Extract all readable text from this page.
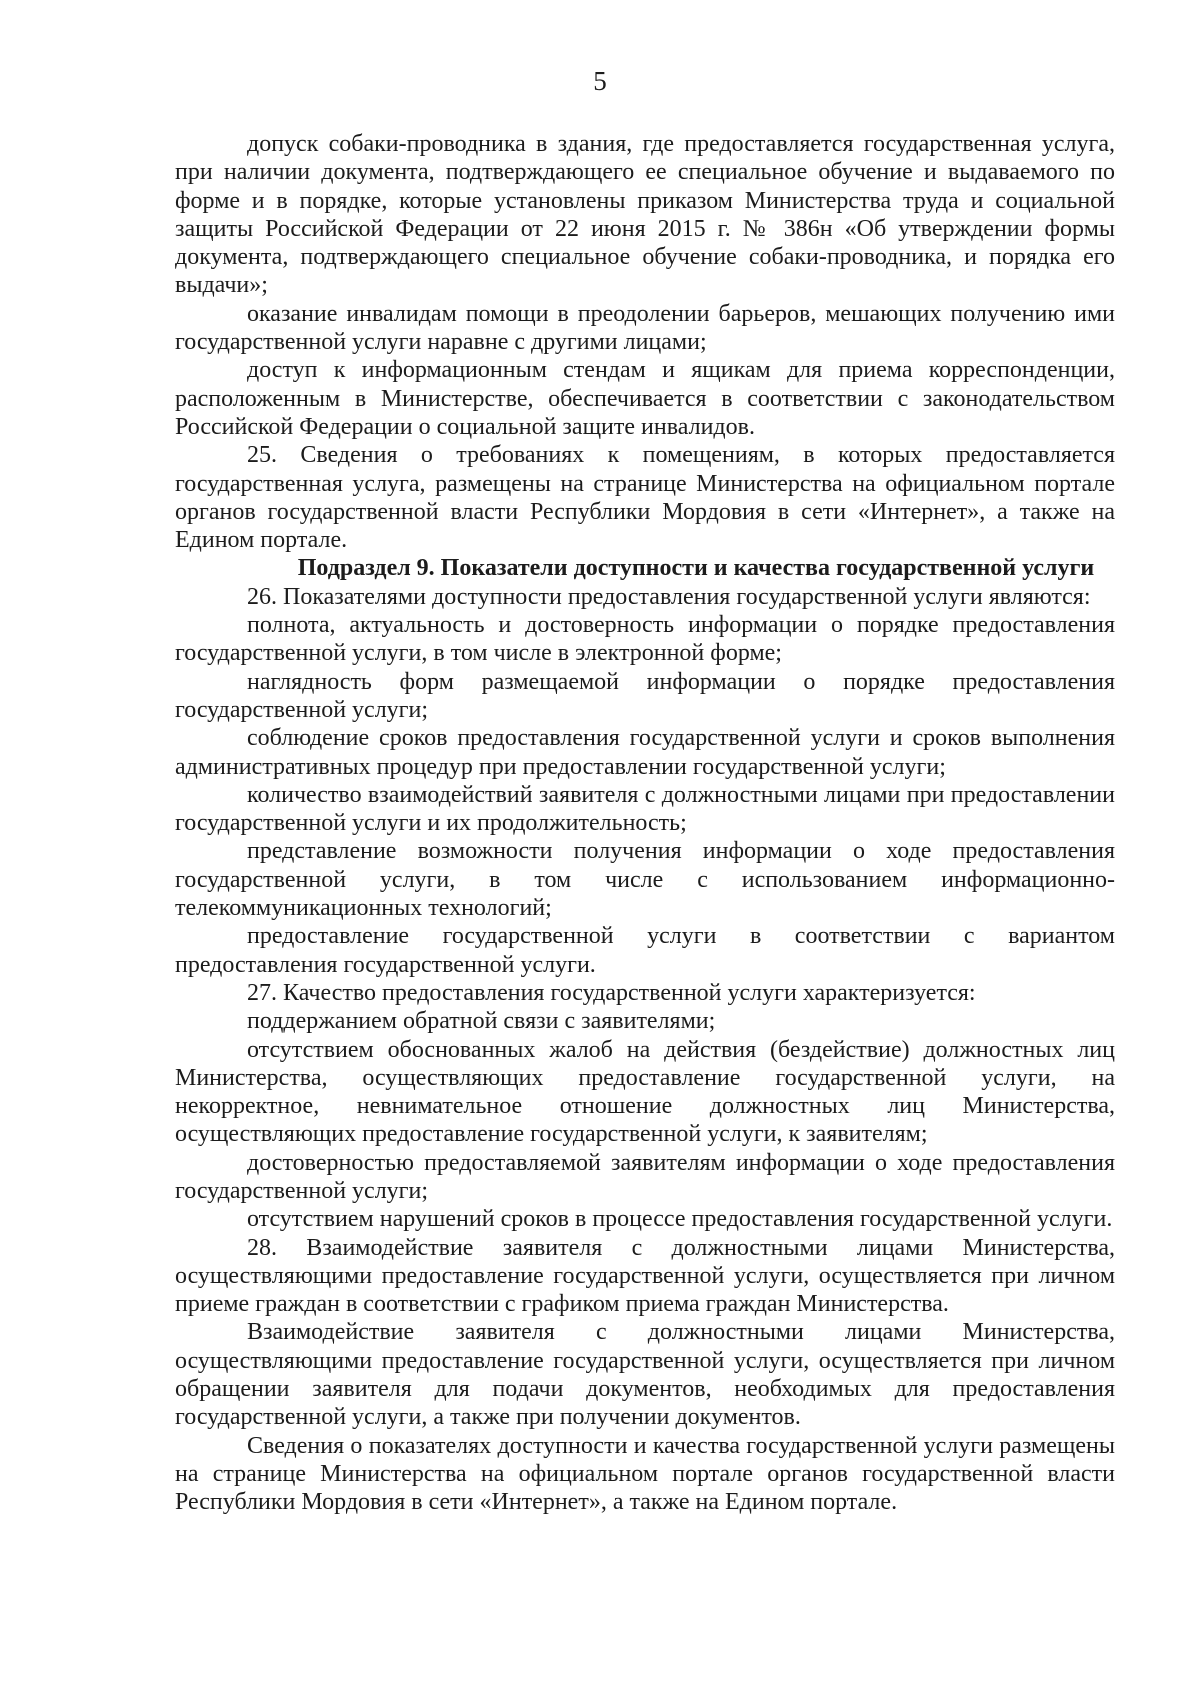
5

допуск собаки-проводника в здания, где предоставляется государственная услуга, при наличии документа, подтверждающего ее специальное обучение и выдаваемого по форме и в порядке, которые установлены приказом Министерства труда и социальной защиты Российской Федерации от 22 июня 2015 г. № 386н «Об утверждении формы документа, подтверждающего специальное обучение собаки-проводника, и порядка его выдачи»;

оказание инвалидам помощи в преодолении барьеров, мешающих получению ими государственной услуги наравне с другими лицами;

доступ к информационным стендам и ящикам для приема корреспонденции, расположенным в Министерстве, обеспечивается в соответствии с законодательством Российской Федерации о социальной защите инвалидов.

25. Сведения о требованиях к помещениям, в которых предоставляется государственная услуга, размещены на странице Министерства на официальном портале органов государственной власти Республики Мордовия в сети «Интернет», а также на Едином портале.

Подраздел 9. Показатели доступности и качества государственной услуги

26. Показателями доступности предоставления государственной услуги являются:

полнота, актуальность и достоверность информации о порядке предоставления государственной услуги, в том числе в электронной форме;

наглядность форм размещаемой информации о порядке предоставления государственной услуги;

соблюдение сроков предоставления государственной услуги и сроков выполнения административных процедур при предоставлении государственной услуги;

количество взаимодействий заявителя с должностными лицами при предоставлении государственной услуги и их продолжительность;

представление возможности получения информации о ходе предоставления государственной услуги, в том числе с использованием информационно-телекоммуникационных технологий;

предоставление государственной услуги в соответствии с вариантом предоставления государственной услуги.

27. Качество предоставления государственной услуги характеризуется:

поддержанием обратной связи с заявителями;

отсутствием обоснованных жалоб на действия (бездействие) должностных лиц Министерства, осуществляющих предоставление государственной услуги, на некорректное, невнимательное отношение должностных лиц Министерства, осуществляющих предоставление государственной услуги, к заявителям;

достоверностью предоставляемой заявителям информации о ходе предоставления государственной услуги;

отсутствием нарушений сроков в процессе предоставления государственной услуги.

28. Взаимодействие заявителя с должностными лицами Министерства, осуществляющими предоставление государственной услуги, осуществляется при личном приеме граждан в соответствии с графиком приема граждан Министерства.

Взаимодействие заявителя с должностными лицами Министерства, осуществляющими предоставление государственной услуги, осуществляется при личном обращении заявителя для подачи документов, необходимых для предоставления государственной услуги, а также при получении документов.

Сведения о показателях доступности и качества государственной услуги размещены на странице Министерства на официальном портале органов государственной власти Республики Мордовия в сети «Интернет», а также на Едином портале.
